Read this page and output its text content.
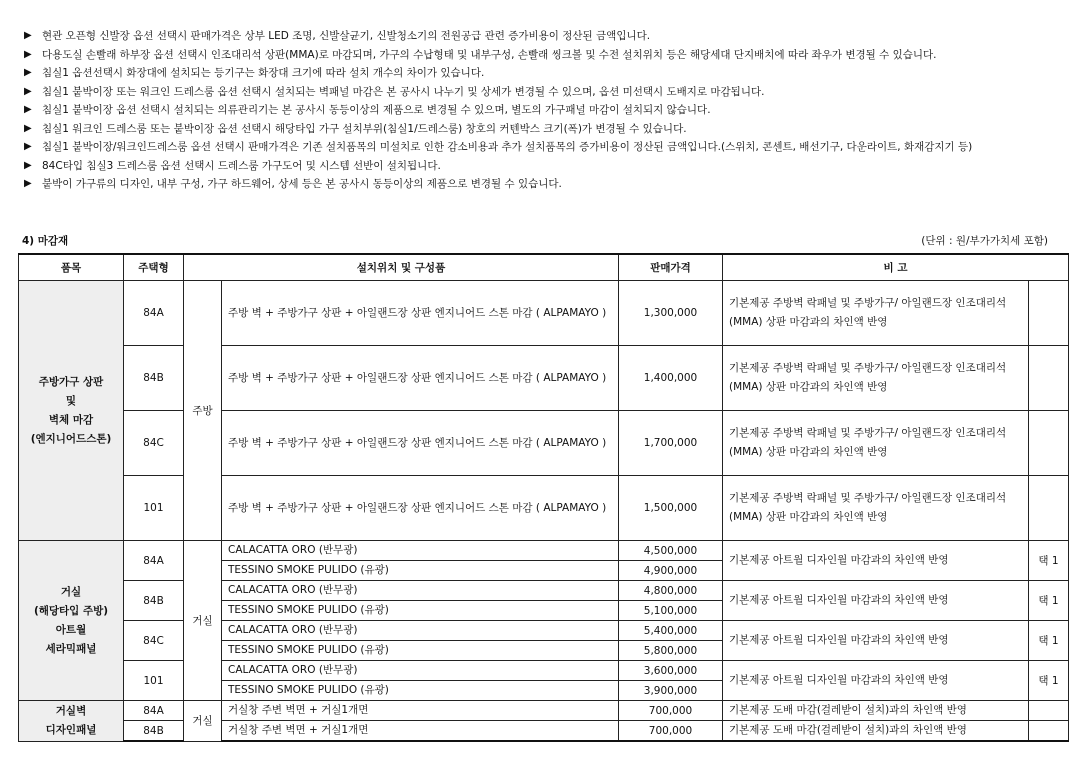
▶ 현관 오픈형 신발장 옵션 선택시 판매가격은 상부 LED 조명, 신발살균기, 신발청소기의 전원공급 관련 증가비용이 정산된 금액입니다.
▶ 다용도실 손빨래 하부장 옵션 선택시 인조대리석 상판(MMA)로 마감되며, 가구의 수납형태 및 내부구성, 손빨래 씽크볼 및 수전 설치위치 등은 해당세대 단지배치에 따라 좌우가 변경될 수 있습니다.
▶ 침실1 옵션선택시 화장대에 설치되는 등기구는 화장대 크기에 따라 설치 개수의 차이가 있습니다.
▶ 침실1 붙박이장 또는 워크인 드레스룸 옵션 선택시 설치되는 벽패널 마감은 본 공사시 나누기 및 상세가 변경될 수 있으며, 옵션 미선택시 도배지로 마감됩니다.
▶ 침실1 붙박이장 옵션 선택시 설치되는 의류관리기는 본 공사시 동등이상의 제품으로 변경될 수 있으며, 별도의 가구패널 마감이 설치되지 않습니다.
▶ 침실1 워크인 드레스룸 또는 붙박이장 옵션 선택시 해당타입 가구 설치부위(침실1/드레스룸) 창호의 커텐박스 크기(폭)가 변경될 수 있습니다.
▶ 침실1 붙박이장/워크인드레스룸 옵션 선택시 판매가격은 기존 설치품목의 미설치로 인한 감소비용과 추가 설치품목의 증가비용이 정산된 금액입니다.(스위치, 콘센트, 배선기구, 다운라이트, 화재감지기 등)
▶ 84C타입 침실3 드레스룸 옵션 선택시 드레스룸 가구도어 및 시스템 선반이 설치됩니다.
▶ 붙박이 가구류의 디자인, 내부 구성, 가구 하드웨어, 상세 등은 본 공사시 동등이상의 제품으로 변경될 수 있습니다.
4) 마감재	(단위 : 원/부가가치세 포함)
품목	주택형	설치위치 및 구성품		판매가격	비 고	

주방가구 상판
및
벽체 마감
(엔지니어드스톤)	84A	주방	주방 벽 + 주방가구 상판 + 아일랜드장 상판 엔지니어드 스톤 마감 ( ALPAMAYO )	1,300,000	기본제공 주방벽 락패널 및 주방가구/ 아일랜드장 인조대리석(MMA) 상판 마감과의 차인액 반영	
	84B		주방 벽 + 주방가구 상판 + 아일랜드장 상판 엔지니어드 스톤 마감 ( ALPAMAYO )	1,400,000	기본제공 주방벽 락패널 및 주방가구/ 아일랜드장 인조대리석(MMA) 상판 마감과의 차인액 반영	
	84C		주방 벽 + 주방가구 상판 + 아일랜드장 상판 엔지니어드 스톤 마감 ( ALPAMAYO )	1,700,000	기본제공 주방벽 락패널 및 주방가구/ 아일랜드장 인조대리석(MMA) 상판 마감과의 차인액 반영	
	101		주방 벽 + 주방가구 상판 + 아일랜드장 상판 엔지니어드 스톤 마감 ( ALPAMAYO )	1,500,000	기본제공 주방벽 락패널 및 주방가구/ 아일랜드장 인조대리석(MMA) 상판 마감과의 차인액 반영	

거실
(해당타입 주방)
아트월
세라믹패널	84A	거실	CALACATTA ORO (반무광)	4,500,000	기본제공 아트월 디자인월 마감과의 차인액 반영	택 1
			TESSINO SMOKE PULIDO (유광)	4,900,000		
	84B		CALACATTA ORO (반무광)	4,800,000	기본제공 아트월 디자인월 마감과의 차인액 반영	택 1
			TESSINO SMOKE PULIDO (유광)	5,100,000		
	84C		CALACATTA ORO (반무광)	5,400,000	기본제공 아트월 디자인월 마감과의 차인액 반영	택 1
			TESSINO SMOKE PULIDO (유광)	5,800,000		
	101		CALACATTA ORO (반무광)	3,600,000	기본제공 아트월 디자인월 마감과의 차인액 반영	택 1
			TESSINO SMOKE PULIDO (유광)	3,900,000		

거실벽
디자인패널	84A	거실	거실창 주변 벽면 + 거실1개면	700,000	기본제공 도배 마감(걸레받이 설치)과의 차인액 반영	
	84B		거실창 주변 벽면 + 거실1개면	700,000	기본제공 도배 마감(걸레받이 설치)과의 차인액 반영	
